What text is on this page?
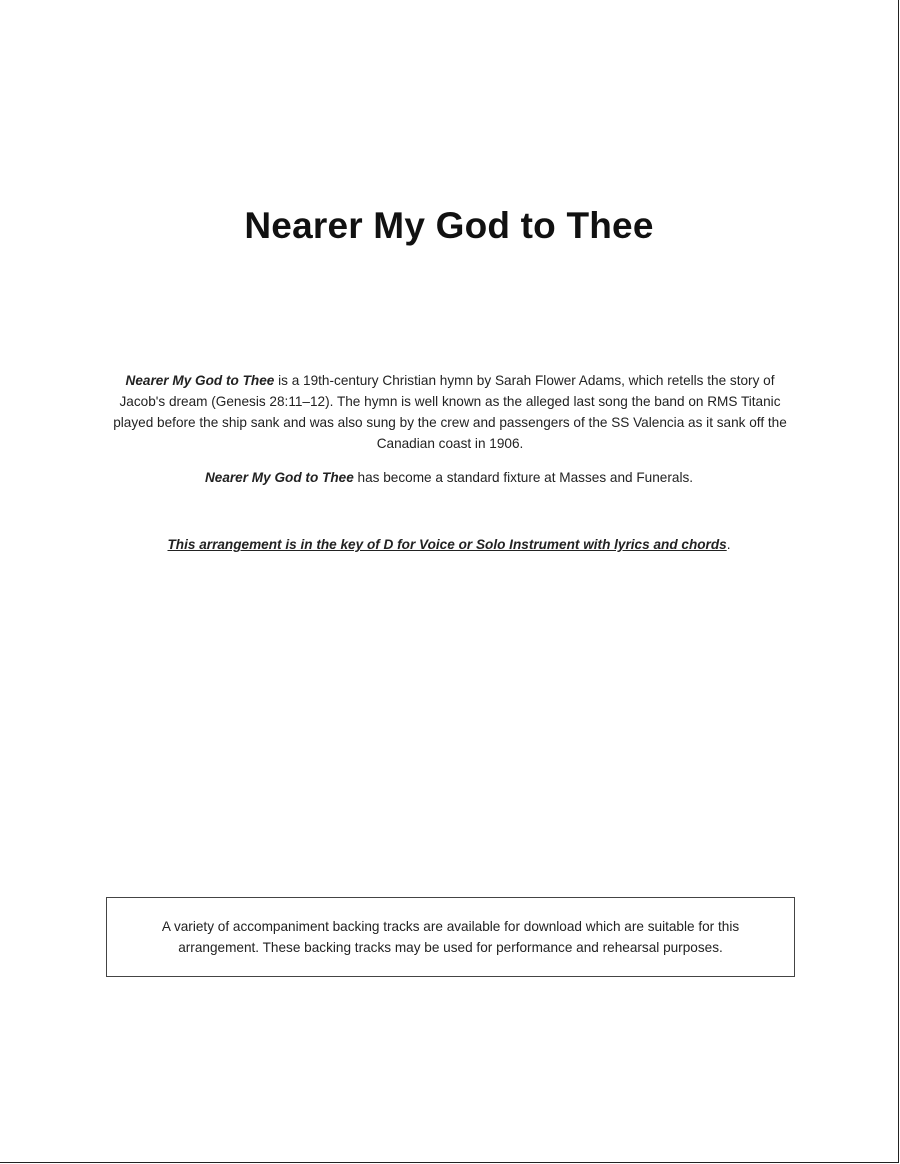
Nearer My God to Thee
Nearer My God to Thee is a 19th-century Christian hymn by Sarah Flower Adams, which retells the story of Jacob's dream (Genesis 28:11–12). The hymn is well known as the alleged last song the band on RMS Titanic played before the ship sank and was also sung by the crew and passengers of the SS Valencia as it sank off the Canadian coast in 1906.
Nearer My God to Thee has become a standard fixture at Masses and Funerals.
This arrangement is in the key of D for Voice or Solo Instrument with lyrics and chords.
A variety of accompaniment backing tracks are available for download which are suitable for this arrangement. These backing tracks may be used for performance and rehearsal purposes.
